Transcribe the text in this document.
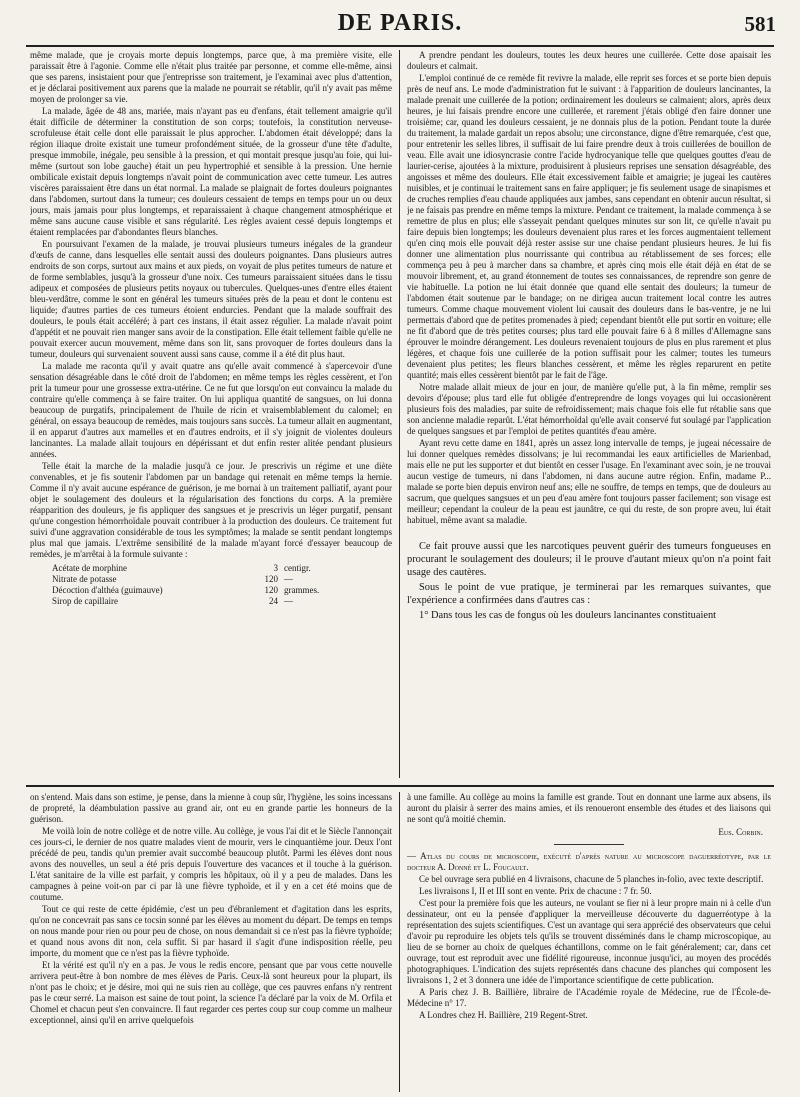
DE PARIS.	581

même malade, que je croyais morte depuis longtemps, parce que, à ma première visite, elle paraissait être à l'agonie. Comme elle n'était plus traitée par personne, et comme elle-même, ainsi que ses parens, insistaient pour que j'entreprisse son traitement, je l'examinai avec plus d'attention, et je déclarai positivement aux parens que la malade ne pourrait se rétablir, qu'il n'y avait pas même moyen de prolonger sa vie.

La malade, âgée de 48 ans, mariée, mais n'ayant pas eu d'enfans, était tellement amaigrie qu'il était difficile de déterminer la constitution de son corps; toutefois, la constitution nerveuse-scrofuleuse était celle dont elle paraissait le plus approcher. L'abdomen était développé; dans la région iliaque droite existait une tumeur profondément située, de la grosseur d'une tête d'adulte, presque immobile, inégale, peu sensible à la pression, et qui montait presque jusqu'au foie, qui lui-même (surtout son lobe gauche) était un peu hypertrophié et sensible à la pression. Une hernie ombilicale existait depuis longtemps n'avait point de communication avec cette tumeur. Les autres viscères paraissaient être dans un état normal. La malade se plaignait de fortes douleurs poignantes dans l'abdomen, surtout dans la tumeur; ces douleurs cessaient de temps en temps pour un ou deux jours, mais jamais pour plus longtemps, et reparaissaient à chaque changement atmosphérique et même sans aucune cause visible et sans régularité. Les règles avaient cessé depuis longtemps et étaient remplacées par d'abondantes fleurs blanches.

En poursuivant l'examen de la malade, je trouvai plusieurs tumeurs inégales de la grandeur d'œufs de canne, dans lesquelles elle sentait aussi des douleurs poignantes. Dans plusieurs autres endroits de son corps, surtout aux mains et aux pieds, on voyait de plus petites tumeurs de nature et de forme semblables, jusqu'à la grosseur d'une noix. Ces tumeurs paraissaient situées dans le tissu adipeux et composées de plusieurs petits noyaux ou tubercules. Quelques-unes d'entre elles étaient bleu-verdâtre, comme le sont en général les tumeurs situées près de la peau et dont le contenu est liquide; d'autres parties de ces tumeurs étoient endurcies. Pendant que la malade souffrait des douleurs, le pouls était accéléré; à part ces instans, il était assez régulier. La malade n'avait point d'appétit et ne pouvait rien manger sans avoir de la constipation. Elle était tellement faible qu'elle ne pouvait exercer aucun mouvement, même dans son lit, sans provoquer de fortes douleurs dans la tumeur, douleurs qui survenaient souvent aussi sans cause, comme il a été dit plus haut.

La malade me raconta qu'il y avait quatre ans qu'elle avait commencé à s'apercevoir d'une sensation désagréable dans le côté droit de l'abdomen; en même temps les règles cessèrent, et l'on prit la tumeur pour une grossesse extra-utérine. Ce ne fut que lorsqu'on eut convaincu la malade du contraire qu'elle commença à se faire traiter. On lui appliqua quantité de sangsues, on lui donna beaucoup de purgatifs, principalement de l'huile de ricin et vraisemblablement du calomel; en général, on essaya beaucoup de remèdes, mais toujours sans succès. La tumeur allait en augmentant, il en apparut d'autres aux mamelles et en d'autres endroits, et il s'y joignit de violentes douleurs lancinantes. La malade allait toujours en dépérissant et dut enfin rester alitée pendant plusieurs années.

Telle était la marche de la maladie jusqu'à ce jour. Je prescrivis un régime et une diète convenables, et je fis soutenir l'abdomen par un bandage qui retenait en même temps la hernie. Comme il n'y avait aucune espérance de guérison, je me bornai à un traitement palliatif, ayant pour objet le soulagement des douleurs et la régularisation des fonctions du corps. A la première réapparition des douleurs, je fis appliquer des sangsues et je prescrivis un léger purgatif, pensant qu'une congestion hémorrhoïdale pouvait contribuer à la production des douleurs. Ce traitement fut suivi d'une aggravation considérable de tous les symptômes; la malade se sentit pendant longtemps plus mal que jamais. L'extrême sensibilité de la malade m'ayant forcé d'essayer beaucoup de remèdes, je m'arrêtai à la formule suivante :

Acétate de morphine	3 centigr.
Nitrate de potasse	120 —
Décoction d'althéa (guimauve)	120 grammes.
Sirop de capillaire	24 —

A prendre pendant les douleurs, toutes les deux heures une cuillerée. Cette dose apaisait les douleurs et calmait.

L'emploi continué de ce remède fit revivre la malade, elle reprit ses forces et se porte bien depuis près de neuf ans. Le mode d'administration fut le suivant : à l'apparition de douleurs lancinantes, la malade prenait une cuillerée de la potion; ordinairement les douleurs se calmaient; alors, après deux heures, je lui faisais prendre encore une cuillerée, et rarement j'étais obligé d'en faire donner une troisième; car, quand les douleurs cessaient, je ne donnais plus de la potion. Pendant toute la durée du traitement, la malade gardait un repos absolu; une circonstance, digne d'être remarquée, c'est que, pour entretenir les selles libres, il suffisait de lui faire prendre deux à trois cuillerées de bouillon de veau. Elle avait une idiosyncrasie contre l'acide hydrocyanique telle que quelques gouttes d'eau de laurier-cerise, ajoutées à la mixture, produisirent à plusieurs reprises une sensation désagréable, des angoisses et même des douleurs. Elle était excessivement faible et amaigrie; je jugeai les cautères nuisibles, et je continuai le traitement sans en faire appliquer; je fis seulement usage de sinapismes et de cruches remplies d'eau chaude appliquées aux jambes, sans cependant en obtenir aucun résultat, si je ne faisais pas prendre en même temps la mixture. Pendant ce traitement, la malade commença à se remettre de plus en plus; elle s'asseyait pendant quelques minutes sur son lit, ce qu'elle n'avait pu faire depuis bien longtemps; les douleurs devenaient plus rares et les forces augmentaient tellement qu'en cinq mois elle pouvait déjà rester assise sur une chaise pendant plusieurs heures. Je lui fis donner une alimentation plus nourrissante qui contribua au rétablissement de ses forces; elle commença peu à peu à marcher dans sa chambre, et après cinq mois elle était déjà en état de se mouvoir librement, et, au grand étonnement de toutes ses connaissances, de reprendre son genre de vie habituelle. La potion ne lui était donnée que quand elle sentait des douleurs; la tumeur de l'abdomen était soutenue par le bandage; on ne dirigea aucun traitement local contre les autres tumeurs. Comme chaque mouvement violent lui causait des douleurs dans le bas-ventre, je ne lui permettais d'abord que de petites promenades à pied; cependant bientôt elle put sortir en voiture; elle ne fit d'abord que de très petites courses; plus tard elle pouvait faire 6 à 8 milles d'Allemagne sans éprouver le moindre dérangement. Les douleurs revenaient toujours de plus en plus rarement et plus légères, et chaque fois une cuillerée de la potion suffisait pour les calmer; toutes les tumeurs devenaient plus petites; les fleurs blanches cessèrent, et même les règles reparurent en petite quantité; mais elles cessèrent bientôt par le fait de l'âge.

Notre malade allait mieux de jour en jour, de manière qu'elle put, à la fin même, remplir ses devoirs d'épouse; plus tard elle fut obligée d'entreprendre de longs voyages qui lui occasionèrent plusieurs fois des maladies, par suite de refroidissement; mais chaque fois elle fut rétablie sans que son ancienne maladie reparût. L'état hémorrhoïdal qu'elle avait conservé fut soulagé par l'application de quelques sangsues et par l'emploi de petites quantités d'eau amère.

Ayant revu cette dame en 1841, après un assez long intervalle de temps, je jugeai nécessaire de lui donner quelques remèdes dissolvans; je lui recommandai les eaux artificielles de Marienbad, mais elle ne put les supporter et dut bientôt en cesser l'usage. En l'examinant avec soin, je ne trouvai aucun vestige de tumeurs, ni dans l'abdomen, ni dans aucune autre région. Enfin, madame P... malade se porte bien depuis environ neuf ans; elle ne souffre, de temps en temps, que de douleurs au sacrum, que quelques sangsues et un peu d'eau amère font toujours passer facilement; son visage est meilleur; cependant la couleur de la peau est jaunâtre, ce qui du reste, de son propre aveu, lui était habituel, même avant sa maladie.

Ce fait prouve aussi que les narcotiques peuvent guérir des tumeurs fongueuses en procurant le soulagement des douleurs; il le prouve d'autant mieux qu'on n'a point fait usage des cautères.

Sous le point de vue pratique, je terminerai par les remarques suivantes, que l'expérience a confirmées dans d'autres cas :

1° Dans tous les cas de fongus où les douleurs lancinantes constituaient

on s'entend. Mais dans son estime, je pense, dans la mienne à coup sûr, l'hygiène, les soins incessans de propreté, la déambulation passive au grand air, ont eu en grande partie les honneurs de la guérison.

Me voilà loin de notre collège et de notre ville. Au collège, je vous l'ai dit et le Siècle l'annonçait ces jours-ci, le dernier de nos quatre malades vient de mourir, vers le cinquantième jour. Deux l'ont précédé de peu, tandis qu'un premier avait succombé beaucoup plutôt. Parmi les élèves dont nous avons des nouvelles, un seul a été pris depuis l'ouverture des vacances et il touche à la guérison. L'état sanitaire de la ville est parfait, y compris les hôpitaux, où il y a peu de malades. Dans les campagnes à peine voit-on par ci par là une fièvre typhoïde, et il y en a cet été moins que de coutume.

Tout ce qui reste de cette épidémie, c'est un peu d'ébranlement et d'agitation dans les esprits, qu'on ne concevrait pas sans ce tocsin sonné par les élèves au moment du départ. De temps en temps on nous mande pour rien ou pour peu de chose, on nous demandait si ce n'est pas la fièvre typhoïde; et quand nous avons dit non, cela suffit. Si par hasard il s'agit d'une indisposition réelle, peu importe, du moment que ce n'est pas la fièvre typhoïde.

Et la vérité est qu'il n'y en a pas. Je vous le redis encore, pensant que par vous cette nouvelle arrivera peut-être à bon nombre de mes élèves de Paris. Ceux-là sont heureux pour la plupart, ils n'ont pas le choix; et je désire, moi qui ne suis rien au collège, que ces pauvres enfans n'y rentrent pas le cœur serré. La maison est saine de tout point, la science l'a déclaré par la voix de M. Orfila et Chomel et chacun peut s'en convaincre. Il faut regarder ces pertes coup sur coup comme un malheur exceptionnel, ainsi qu'il en arrive quelquefois

à une famille. Au collège au moins la famille est grande. Tout en donnant une larme aux absens, ils auront du plaisir à serrer des mains amies, et ils renoueront ensemble des études et des liaisons qui ne sont qu'à moitié chemin.

Eus. Corbin.

— Atlas du cours de microscopie, exécuté d'après nature au microscope daguerréotype, par le docteur A. Donné et L. Foucault.

Ce bel ouvrage sera publié en 4 livraisons, chacune de 5 planches in-folio, avec texte descriptif.

Les livraisons I, II et III sont en vente. Prix de chacune : 7 fr. 50.

C'est pour la première fois que les auteurs, ne voulant se fier ni à leur propre main ni à celle d'un dessinateur, ont eu la pensée d'appliquer la merveilleuse découverte du daguerréotype à la représentation des sujets scientifiques. C'est un avantage qui sera apprécié des observateurs que celui d'avoir pu reproduire les objets tels qu'ils se trouvent disséminés dans le champ microscopique, au lieu de se borner au choix de quelques échantillons, comme on le fait généralement; car, dans cet ouvrage, tout est reproduit avec une fidélité rigoureuse, inconnue jusqu'ici, au moyen des procédés photographiques. L'indication des sujets représentés dans chacune des planches qui composent les livraisons 1, 2 et 3 donnera une idée de l'importance scientifique de cette publication.

A Paris chez J. B. Baillière, libraire de l'Académie royale de Médecine, rue de l'École-de-Médecine n° 17.

A Londres chez H. Baillière, 219 Regent-Stret.
